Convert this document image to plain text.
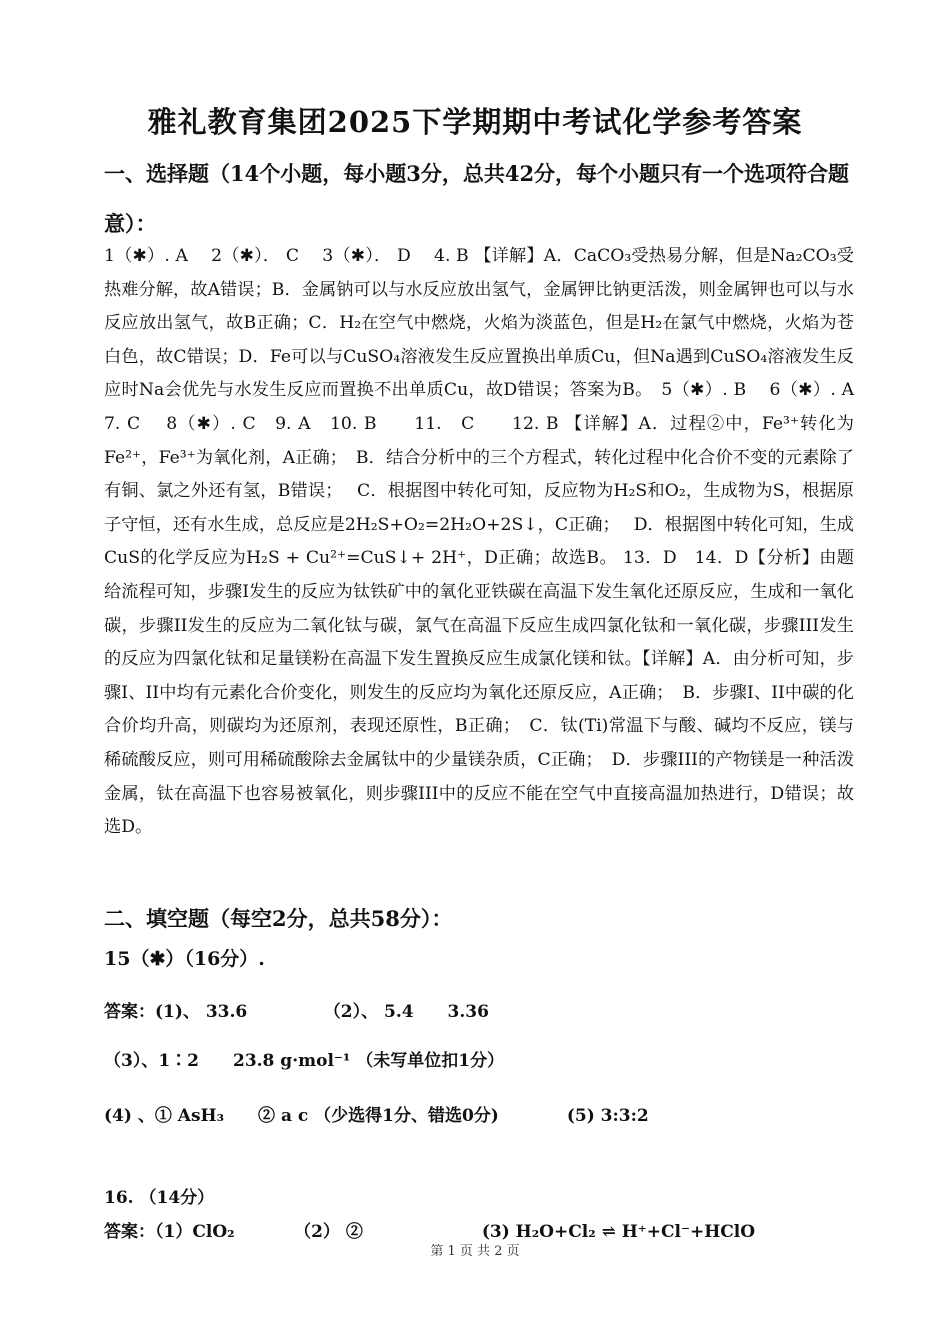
雅礼教育集团2025下学期期中考试化学参考答案
一、选择题（14个小题，每小题3分，总共42分，每个小题只有一个选项符合题意）：
1（✱）. A　 2（✱）． C　 3（✱）． D　 4. B 【详解】A．CaCO₃受热易分解，但是Na₂CO₃受热难分解，故A错误；B．金属钠可以与水反应放出氢气，金属钾比钠更活泼，则金属钾也可以与水反应放出氢气，故B正确；C．H₂在空气中燃烧，火焰为淡蓝色，但是H₂在氯气中燃烧，火焰为苍白色，故C错误；D．Fe可以与CuSO₄溶液发生反应置换出单质Cu，但Na遇到CuSO₄溶液发生反应时Na会优先与水发生反应而置换不出单质Cu，故D错误；答案为B。　5（✱）. B　 6（✱）. A　 7. C　 8（✱）. C　9. A　10. B　　11.　C　　12. B 【详解】A．过程②中，Fe³⁺转化为Fe²⁺，Fe³⁺为氧化剂，A正确；　B．结合分析中的三个方程式，转化过程中化合价不变的元素除了有铜、氯之外还有氢，B错误；　 C．根据图中转化可知，反应物为H₂S和O₂，生成物为S，根据原子守恒，还有水生成，总反应是2H₂S+O₂=2H₂O+2S↓，C正确；　 D．根据图中转化可知，生成CuS的化学反应为H₂S + Cu²⁺=CuS↓+ 2H⁺，D正确；故选B。 13．D　14．D【分析】由题给流程可知，步骤I发生的反应为钛铁矿中的氧化亚铁碳在高温下发生氧化还原反应，生成和一氧化碳，步骤II发生的反应为二氧化钛与碳，氯气在高温下反应生成四氯化钛和一氧化碳，步骤III发生的反应为四氯化钛和足量镁粉在高温下发生置换反应生成氯化镁和钛。【详解】A．由分析可知，步骤I、II中均有元素化合价变化，则发生的反应均为氧化还原反应，A正确；　B．步骤I、II中碳的化合价均升高，则碳均为还原剂，表现还原性，B正确；　C．钛(Ti)常温下与酸、碱均不反应，镁与稀硫酸反应，则可用稀硫酸除去金属钛中的少量镁杂质，C正确；　D．步骤III的产物镁是一种活泼金属，钛在高温下也容易被氧化，则步骤III中的反应不能在空气中直接高温加热进行，D错误；故选D。
二、填空题（每空2分，总共58分）：
15（✱）（16分）.
答案：(1)、 33.6　　　　　（2）、 5.4　　3.36
（3）、1∶2　　23.8 g·mol⁻¹ （未写单位扣1分）
(4) 、① AsH₃　　② a c （少选得1分、错选0分)　　　　(5) 3:3:2
16. （14分）
答案：（1）ClO₂　　　　（2） ②　　　　　　　(3) H₂O+Cl₂ ⇌ H⁺+Cl⁻+HClO
第 1 页 共 2 页
